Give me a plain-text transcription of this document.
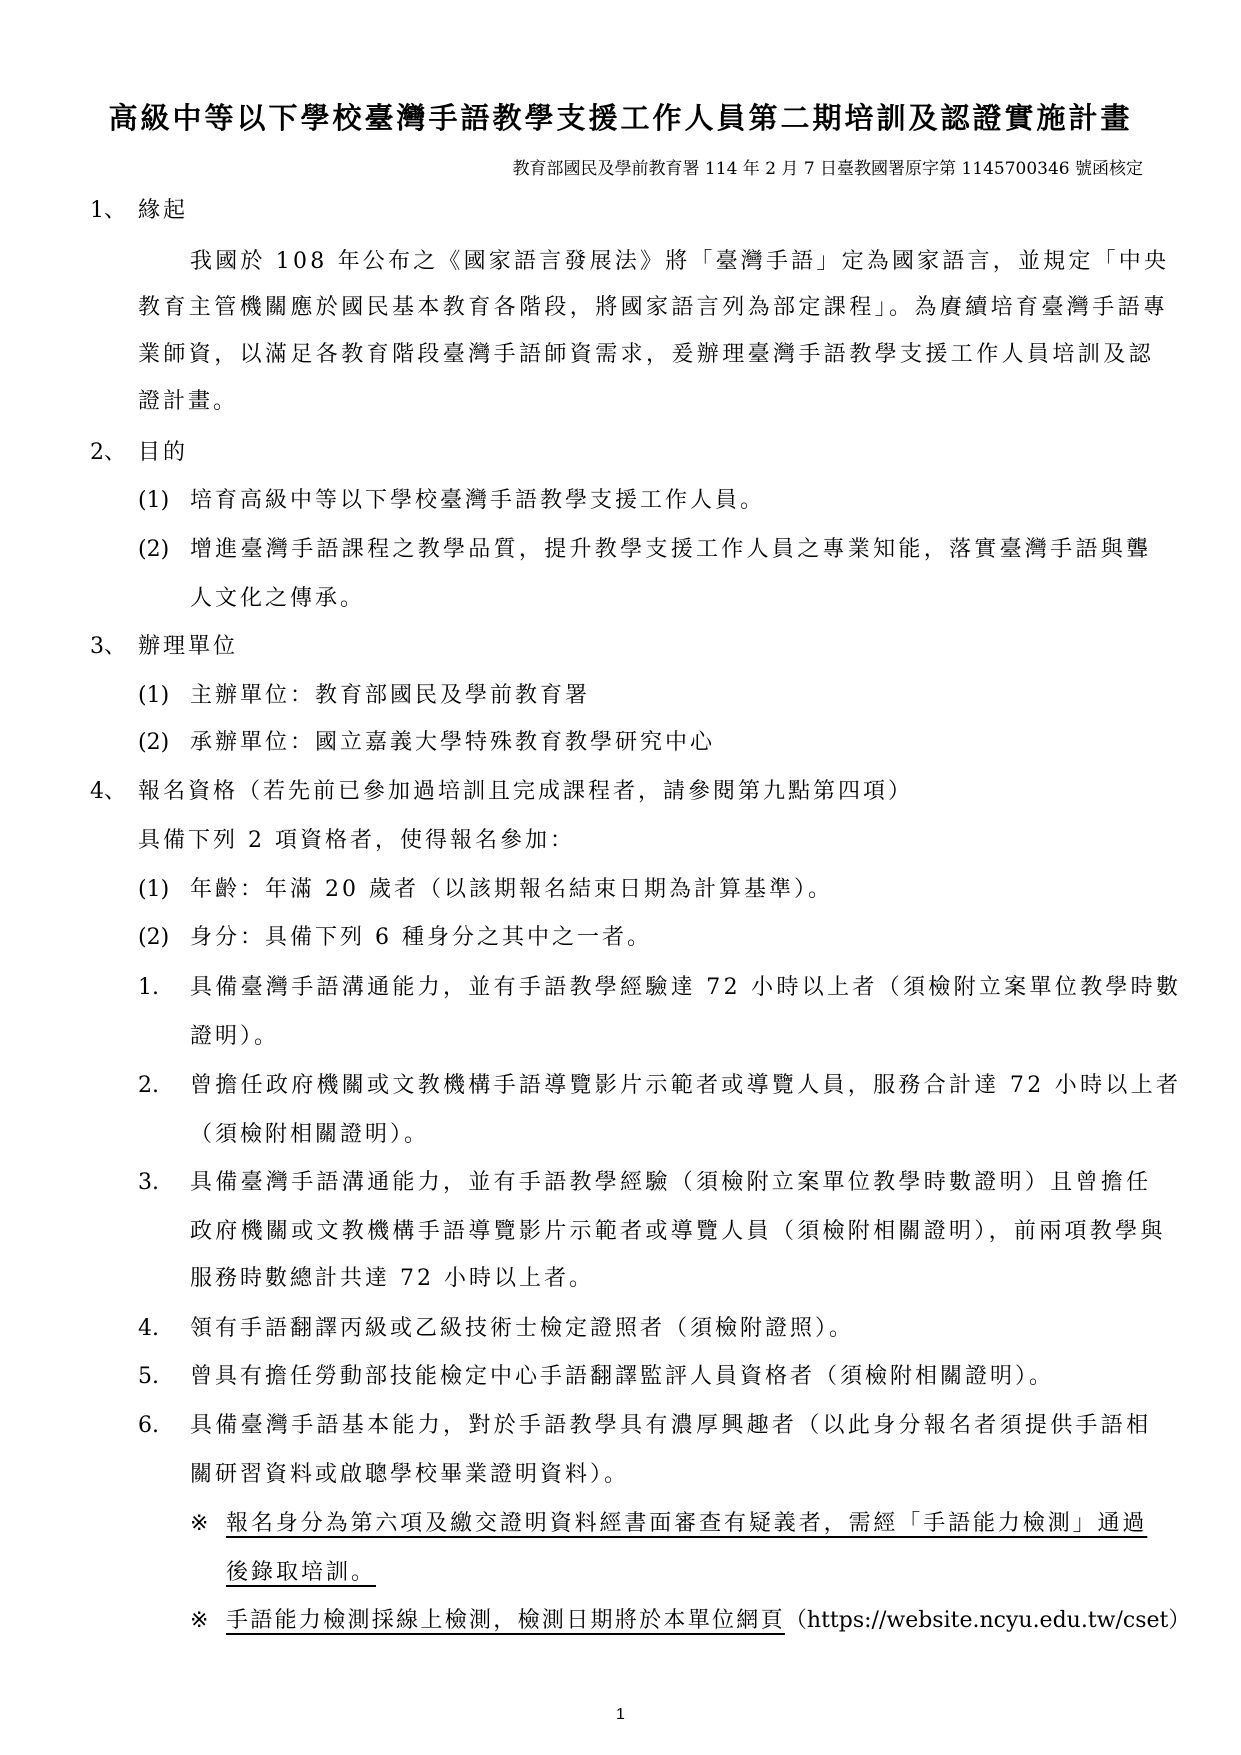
高級中等以下學校臺灣手語教學支援工作人員第二期培訓及認證實施計畫
教育部國民及學前教育署 114 年 2 月 7 日臺教國署原字第 1145700346 號函核定
1、 緣起
我國於 108 年公布之《國家語言發展法》將「臺灣手語」定為國家語言，並規定「中央
教育主管機關應於國民基本教育各階段，將國家語言列為部定課程」。為賡續培育臺灣手語專
業師資，以滿足各教育階段臺灣手語師資需求，爰辦理臺灣手語教學支援工作人員培訓及認
證計畫。
2、 目的
(1) 培育高級中等以下學校臺灣手語教學支援工作人員。
(2) 增進臺灣手語課程之教學品質，提升教學支援工作人員之專業知能，落實臺灣手語與聾
人文化之傳承。
3、 辦理單位
(1) 主辦單位：教育部國民及學前教育署
(2) 承辦單位：國立嘉義大學特殊教育教學研究中心
4、 報名資格（若先前已參加過培訓且完成課程者，請參閱第九點第四項）
具備下列 2 項資格者，使得報名參加：
(1) 年齡：年滿 20 歲者（以該期報名結束日期為計算基準）。
(2) 身分：具備下列 6 種身分之其中之一者。
1. 具備臺灣手語溝通能力，並有手語教學經驗達 72 小時以上者（須檢附立案單位教學時數
證明）。
2. 曾擔任政府機關或文教機構手語導覽影片示範者或導覽人員，服務合計達 72 小時以上者
（須檢附相關證明）。
3. 具備臺灣手語溝通能力，並有手語教學經驗（須檢附立案單位教學時數證明）且曾擔任
政府機關或文教機構手語導覽影片示範者或導覽人員（須檢附相關證明），前兩項教學與
服務時數總計共達 72 小時以上者。
4. 領有手語翻譯丙級或乙級技術士檢定證照者（須檢附證照）。
5. 曾具有擔任勞動部技能檢定中心手語翻譯監評人員資格者（須檢附相關證明）。
6. 具備臺灣手語基本能力，對於手語教學具有濃厚興趣者（以此身分報名者須提供手語相
關研習資料或啟聰學校畢業證明資料）。
※ 報名身分為第六項及繳交證明資料經書面審查有疑義者，需經「手語能力檢測」通過
後錄取培訓。
※ 手語能力檢測採線上檢測，檢測日期將於本單位網頁（https://website.ncyu.edu.tw/cset）
1
